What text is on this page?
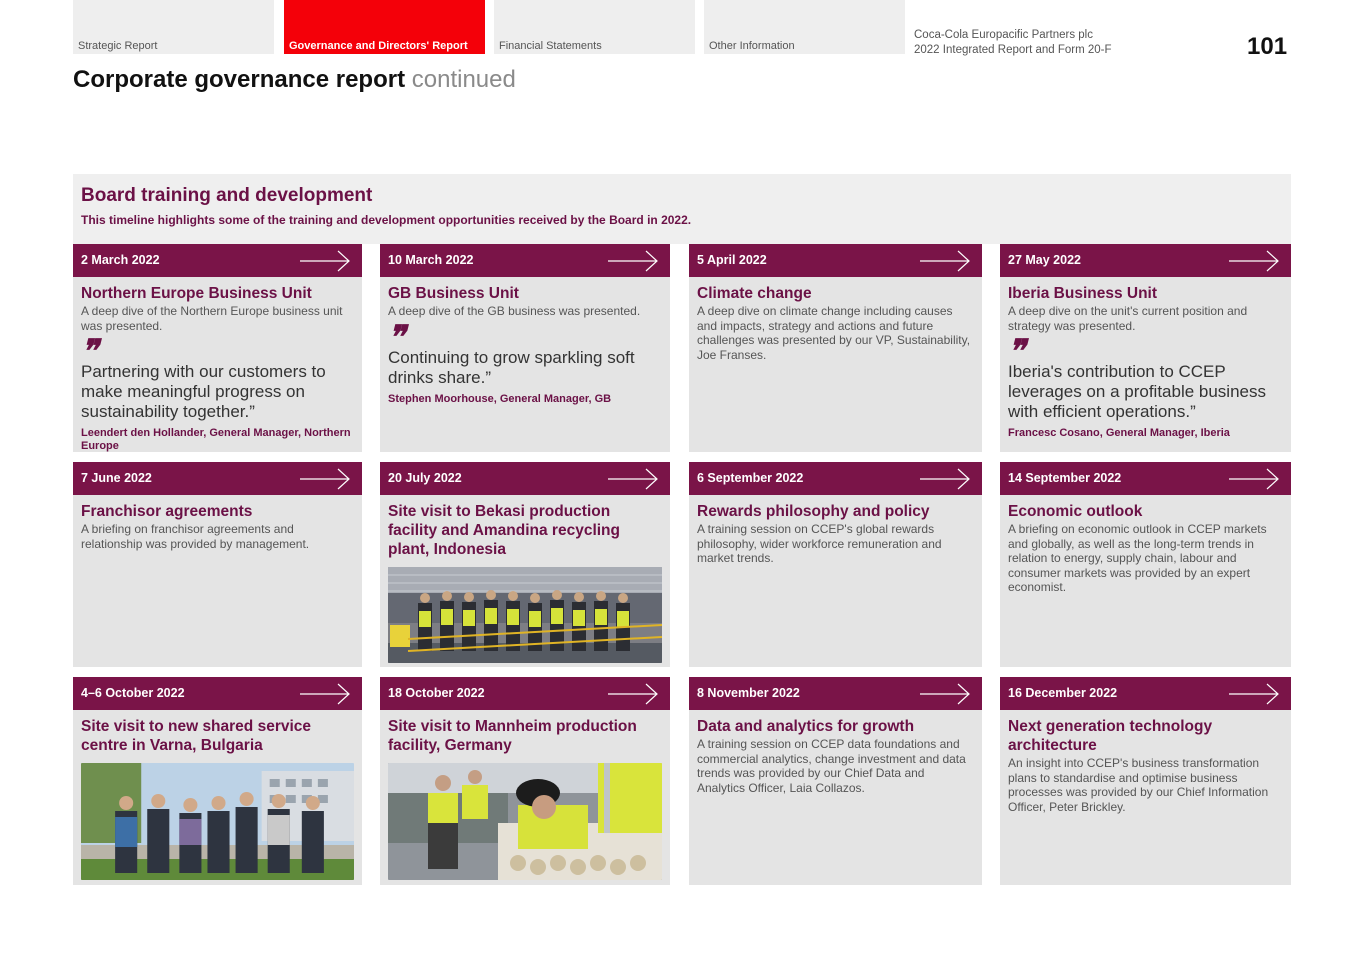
Strategic Report	Governance and Directors' Report	Financial Statements	Other Information
Coca-Cola Europacific Partners plc
2022 Integrated Report and Form 20-F	101
Corporate governance report continued
Board training and development

This timeline highlights some of the training and development opportunities received by the Board in 2022.

2 March 2022
Northern Europe Business Unit
A deep dive of the Northern Europe business unit was presented.
❞
Partnering with our customers to make meaningful progress on sustainability together.”
Leendert den Hollander, General Manager, Northern Europe
10 March 2022
GB Business Unit
A deep dive of the GB business was presented.
❞
Continuing to grow sparkling soft drinks share.”
Stephen Moorhouse, General Manager, GB
5 April 2022
Climate change
A deep dive on climate change including causes and impacts, strategy and actions and future challenges was presented by our VP, Sustainability, Joe Franses.
27 May 2022
Iberia Business Unit
A deep dive on the unit's current position and strategy was presented.
❞
Iberia's contribution to CCEP leverages on a profitable business with efficient operations.”
Francesc Cosano, General Manager, Iberia
7 June 2022
Franchisor agreements
A briefing on franchisor agreements and relationship was provided by management.
20 July 2022
Site visit to Bekasi production facility and Amandina recycling plant, Indonesia
6 September 2022
Rewards philosophy and policy
A training session on CCEP's global rewards philosophy, wider workforce remuneration and market trends.
14 September 2022
Economic outlook
A briefing on economic outlook in CCEP markets and globally, as well as the long-term trends in relation to energy, supply chain, labour and consumer markets was provided by an expert economist.
4–6 October 2022
Site visit to new shared service centre in Varna, Bulgaria
18 October 2022
Site visit to Mannheim production facility, Germany
8 November 2022
Data and analytics for growth
A training session on CCEP data foundations and commercial analytics, change investment and data trends was provided by our Chief Data and Analytics Officer, Laia Collazos.
16 December 2022
Next generation technology architecture
An insight into CCEP's business transformation plans to standardise and optimise business processes was provided by our Chief Information Officer, Peter Brickley.
